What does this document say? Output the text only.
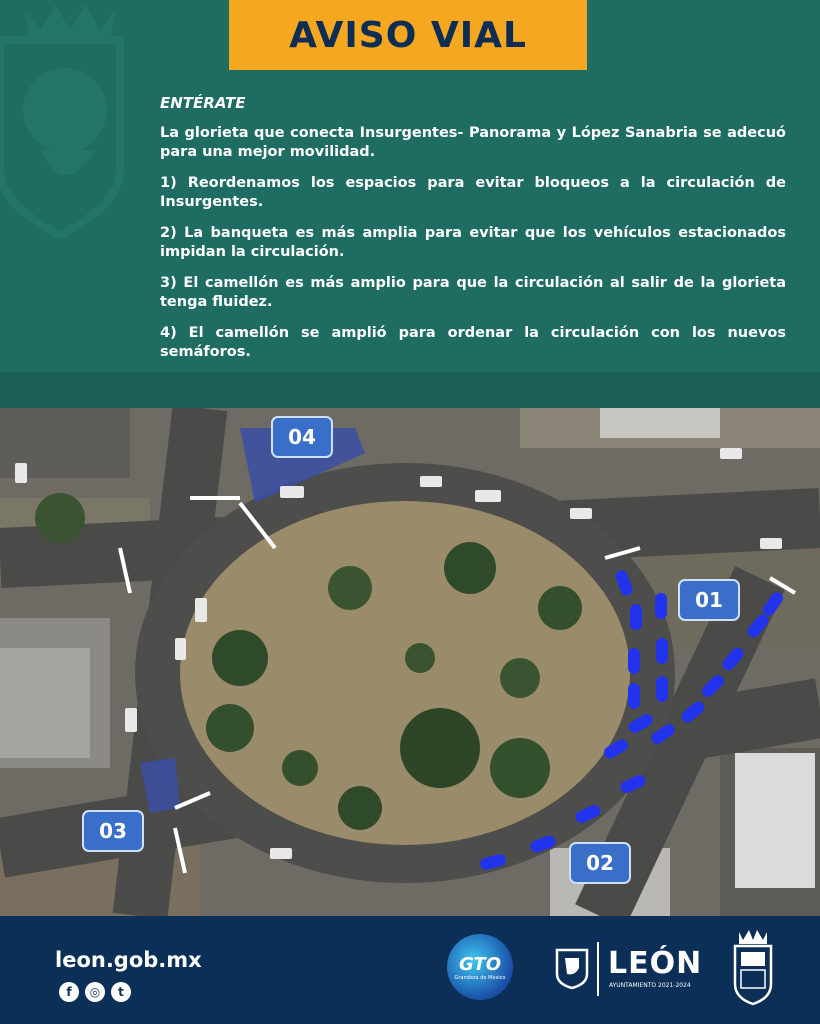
AVISO VIAL
ENTÉRATE

La glorieta que conecta Insurgentes- Panorama y López Sanabria se adecuó para una mejor movilidad.

1) Reordenamos los espacios para evitar bloqueos a la circulación de Insurgentes.

2) La banqueta es más amplia para evitar que los vehículos estacionados impidan la circulación.

3) El camellón es más amplio para que la circulación al salir de la glorieta tenga fluidez.

4) El camellón se amplió para ordenar la circulación con los nuevos semáforos.

04
01
03
02
leon.gob.mx
f	◎	t
GTO
Grandeza de México	LEÓN
AYUNTAMIENTO 2021-2024
